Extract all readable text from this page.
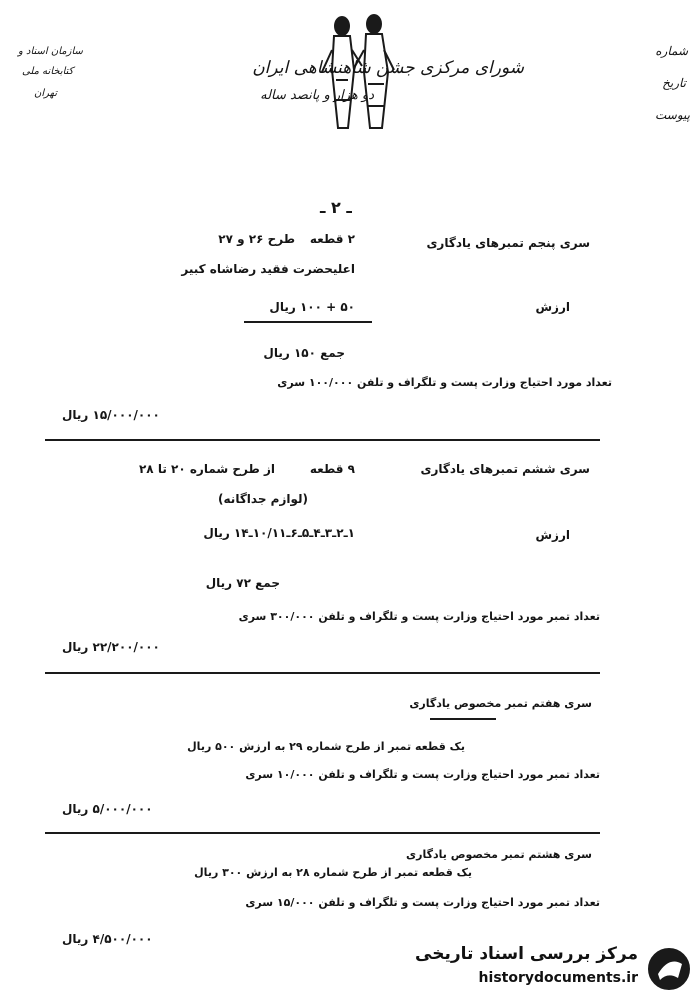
سازمان اسناد و
کتابخانه ملی
تهران
شورای مرکزی جشن شاهنشاهی ایران
دو هزار و پانصد ساله
شماره
تاریخ
پیوست
ـ ۲ ـ
سری پنجم تمبرهای یادگاری
۲ قطعه
طرح ۲۶ و ۲۷
اعلیحضرت فقید رضاشاه کبیر
ارزش
۵۰ + ۱۰۰ ریال
جمع ۱۵۰ ریال
تعداد مورد احتیاج وزارت پست و تلگراف و تلفن ۱۰۰/۰۰۰ سری
۱۵/۰۰۰/۰۰۰ ریال
سری ششم تمبرهای یادگاری
۹ قطعه
از طرح شماره ۲۰ تا ۲۸
(لوازم جداگانه)
ارزش
۱ـ۲ـ۳ـ۴ـ۵ـ۶ـ۱۰/۱۱ـ۱۴ ریال
جمع ۷۲ ریال
تعداد تمبر مورد احتیاج وزارت پست و تلگراف و تلفن ۳۰۰/۰۰۰ سری
۲۲/۲۰۰/۰۰۰ ریال
سری هفتم تمبر مخصوص یادگاری
یک قطعه تمبر از طرح شماره ۲۹ به ارزش ۵۰۰ ریال
تعداد تمبر مورد احتیاج وزارت پست و تلگراف و تلفن ۱۰/۰۰۰ سری
۵/۰۰۰/۰۰۰ ریال
سری هشتم تمبر مخصوص یادگاری
یک قطعه تمبر از طرح شماره ۲۸ به ارزش ۳۰۰ ریال
تعداد تمبر مورد احتیاج وزارت پست و تلگراف و تلفن ۱۵/۰۰۰ سری
۴/۵۰۰/۰۰۰ ریال
مرکز بررسی اسناد تاریخی
historydocuments.ir
